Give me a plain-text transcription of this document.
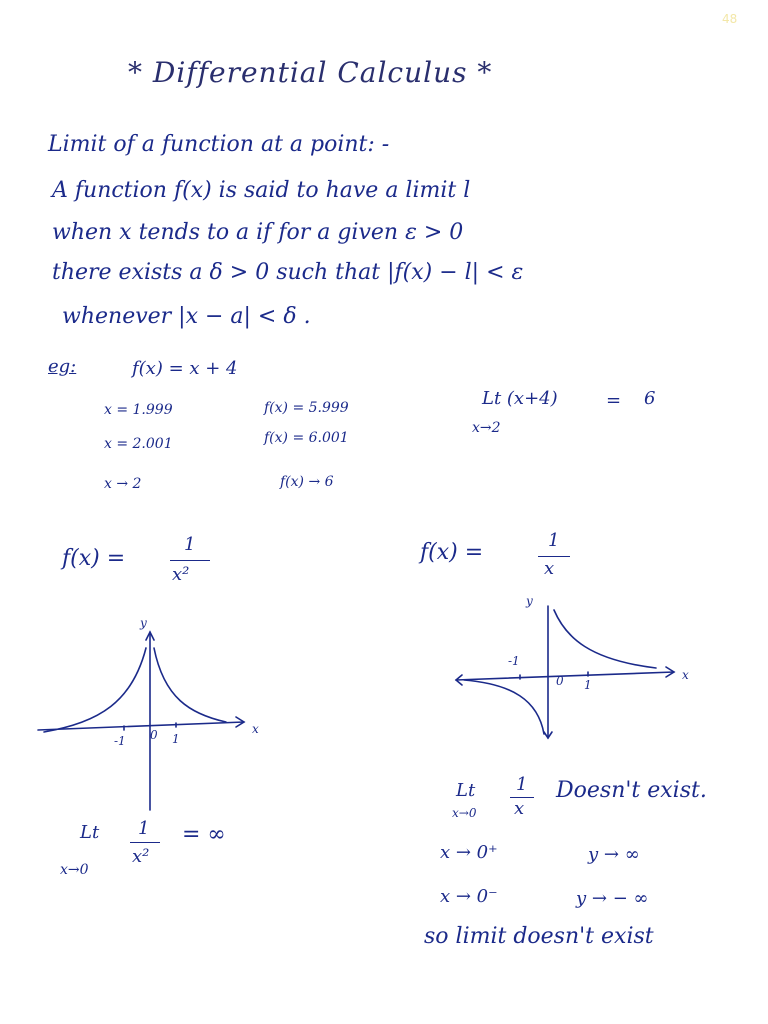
48
* Differential Calculus *
Limit of a function at a point: -
A function f(x) is said to have a limit l
when x tends to a if for a given ε > 0
there exists a δ > 0 such that |f(x) − l| < ε
whenever |x − a| < δ .
eg:	f(x) = x + 4
x = 1.999	f(x) = 5.999
x = 2.001	f(x) = 6.001
x → 2	f(x) → 6
Lt (x+4)
x→2
= 6
f(x) =
1
x²
y
x
-1 0 1
Lt
x→0
1
x²
= ∞
f(x) =	1
x
y
x
-1
0 1
Lt
x→0
1
x
Doesn't exist.
x → 0⁺	y → ∞
x → 0⁻	y → − ∞
so limit doesn't exist
